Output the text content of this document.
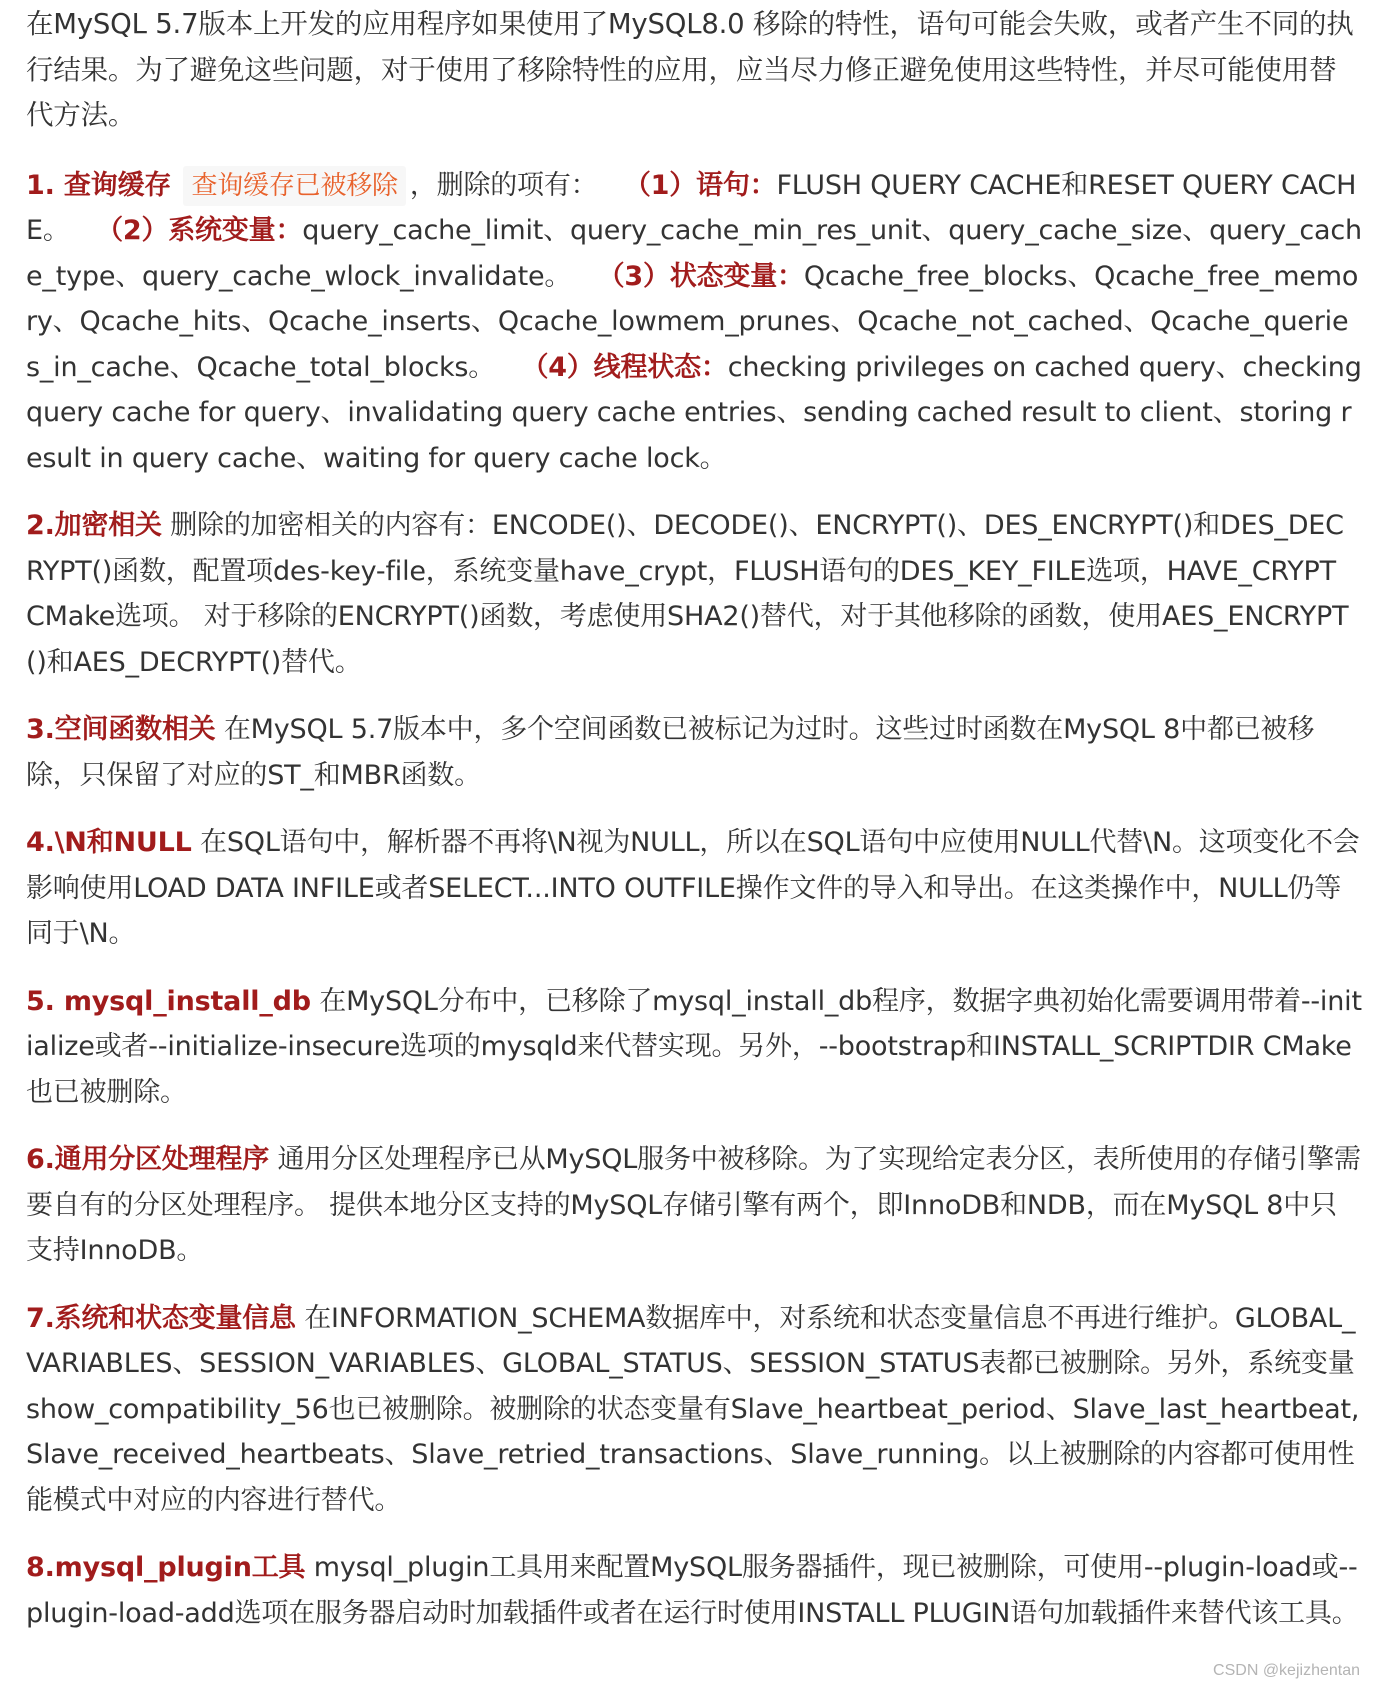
在MySQL 5.7版本上开发的应用程序如果使用了MySQL8.0 移除的特性，语句可能会失败，或者产生不同的执行结果。为了避免这些问题，对于使用了移除特性的应用，应当尽力修正避免使用这些特性，并尽可能使用替代方法。

1. 查询缓存 查询缓存已被移除 ，删除的项有： （1）语句：FLUSH QUERY CACHE和RESET QUERY CACHE。 （2）系统变量：query_cache_limit、query_cache_min_res_unit、query_cache_size、query_cache_type、query_cache_wlock_invalidate。 （3）状态变量：Qcache_free_blocks、Qcache_free_memory、Qcache_hits、Qcache_inserts、Qcache_lowmem_prunes、Qcache_not_cached、Qcache_queries_in_cache、Qcache_total_blocks。 （4）线程状态：checking privileges on cached query、checking query cache for query、invalidating query cache entries、sending cached result to client、storing result in query cache、waiting for query cache lock。

2.加密相关 删除的加密相关的内容有：ENCODE()、DECODE()、ENCRYPT()、DES_ENCRYPT()和DES_DECRYPT()函数，配置项des-key-file，系统变量have_crypt，FLUSH语句的DES_KEY_FILE选项，HAVE_CRYPT CMake选项。 对于移除的ENCRYPT()函数，考虑使用SHA2()替代，对于其他移除的函数，使用AES_ENCRYPT()和AES_DECRYPT()替代。

3.空间函数相关 在MySQL 5.7版本中，多个空间函数已被标记为过时。这些过时函数在MySQL 8中都已被移除，只保留了对应的ST_和MBR函数。

4.\N和NULL 在SQL语句中，解析器不再将\N视为NULL，所以在SQL语句中应使用NULL代替\N。这项变化不会影响使用LOAD DATA INFILE或者SELECT...INTO OUTFILE操作文件的导入和导出。在这类操作中，NULL仍等同于\N。

5. mysql_install_db 在MySQL分布中，已移除了mysql_install_db程序，数据字典初始化需要调用带着--initialize或者--initialize-insecure选项的mysqld来代替实现。另外，--bootstrap和INSTALL_SCRIPTDIR CMake也已被删除。

6.通用分区处理程序 通用分区处理程序已从MySQL服务中被移除。为了实现给定表分区，表所使用的存储引擎需要自有的分区处理程序。 提供本地分区支持的MySQL存储引擎有两个，即InnoDB和NDB，而在MySQL 8中只支持InnoDB。

7.系统和状态变量信息 在INFORMATION_SCHEMA数据库中，对系统和状态变量信息不再进行维护。GLOBAL_VARIABLES、SESSION_VARIABLES、GLOBAL_STATUS、SESSION_STATUS表都已被删除。另外，系统变量show_compatibility_56也已被删除。被删除的状态变量有Slave_heartbeat_period、Slave_last_heartbeat,Slave_received_heartbeats、Slave_retried_transactions、Slave_running。以上被删除的内容都可使用性能模式中对应的内容进行替代。

8.mysql_plugin工具 mysql_plugin工具用来配置MySQL服务器插件，现已被删除，可使用--plugin-load或--plugin-load-add选项在服务器启动时加载插件或者在运行时使用INSTALL PLUGIN语句加载插件来替代该工具。

CSDN @kejizhentan
